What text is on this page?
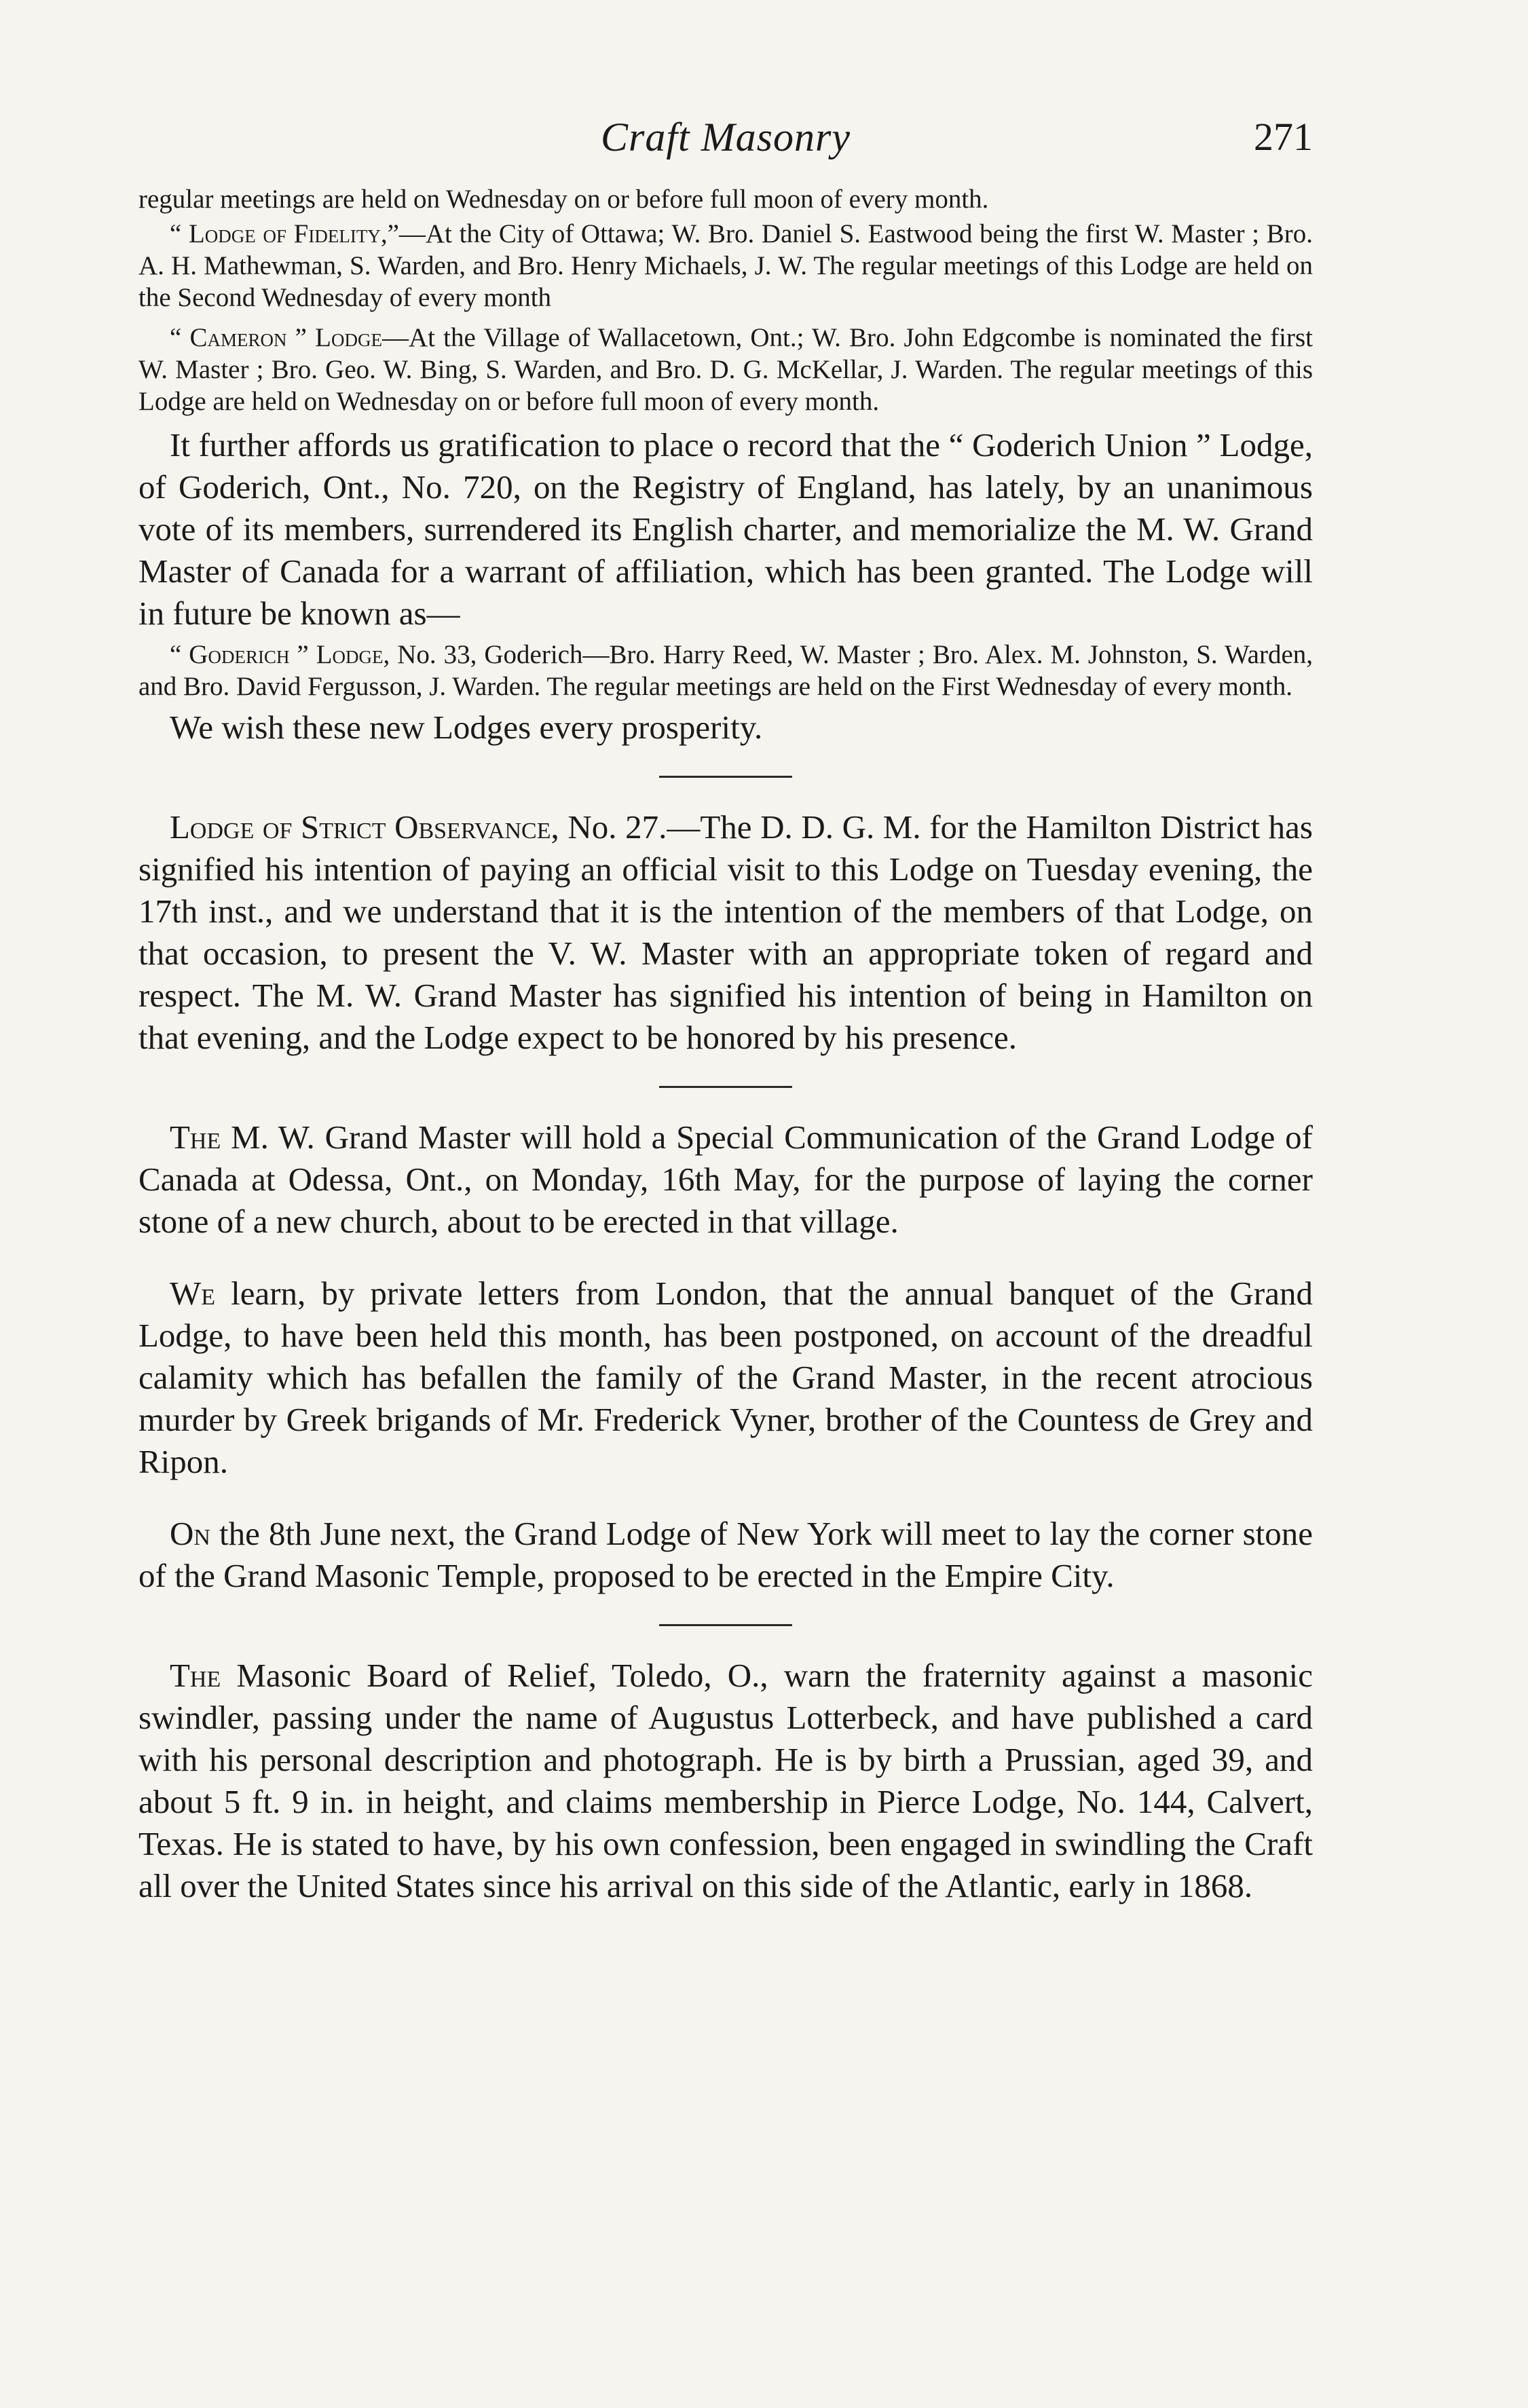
Craft Masonry	271

regular meetings are held on Wednesday on or before full moon of every month.

“ Lodge of Fidelity,”—At the City of Ottawa; W. Bro. Daniel S. Eastwood being the first W. Master ; Bro. A. H. Mathewman, S. Warden, and Bro. Henry Michaels, J. W. The regular meetings of this Lodge are held on the Second Wednesday of every month

“ Cameron ” Lodge—At the Village of Wallacetown, Ont.; W. Bro. John Edgcombe is nominated the first W. Master ; Bro. Geo. W. Bing, S. Warden, and Bro. D. G. McKellar, J. Warden. The regular meetings of this Lodge are held on Wednesday on or before full moon of every month.

It further affords us gratification to place o record that the “ Goderich Union ” Lodge, of Goderich, Ont., No. 720, on the Registry of England, has lately, by an unanimous vote of its members, surrendered its English charter, and memorialize the M. W. Grand Master of Canada for a warrant of affiliation, which has been granted. The Lodge will in future be known as—

“ Goderich ” Lodge, No. 33, Goderich—Bro. Harry Reed, W. Master ; Bro. Alex. M. Johnston, S. Warden, and Bro. David Fergusson, J. Warden. The regular meetings are held on the First Wednesday of every month.

We wish these new Lodges every prosperity.

Lodge of Strict Observance, No. 27.—The D. D. G. M. for the Hamilton District has signified his intention of paying an official visit to this Lodge on Tuesday evening, the 17th inst., and we understand that it is the intention of the members of that Lodge, on that occasion, to present the V. W. Master with an appropriate token of regard and respect. The M. W. Grand Master has signified his intention of being in Hamilton on that evening, and the Lodge expect to be honored by his presence.

The M. W. Grand Master will hold a Special Communication of the Grand Lodge of Canada at Odessa, Ont., on Monday, 16th May, for the purpose of laying the corner stone of a new church, about to be erected in that village.

We learn, by private letters from London, that the annual banquet of the Grand Lodge, to have been held this month, has been postponed, on account of the dreadful calamity which has befallen the family of the Grand Master, in the recent atrocious murder by Greek brigands of Mr. Frederick Vyner, brother of the Countess de Grey and Ripon.

On the 8th June next, the Grand Lodge of New York will meet to lay the corner stone of the Grand Masonic Temple, proposed to be erected in the Empire City.

The Masonic Board of Relief, Toledo, O., warn the fraternity against a masonic swindler, passing under the name of Augustus Lotterbeck, and have published a card with his personal description and photograph. He is by birth a Prussian, aged 39, and about 5 ft. 9 in. in height, and claims membership in Pierce Lodge, No. 144, Calvert, Texas. He is stated to have, by his own confession, been engaged in swindling the Craft all over the United States since his arrival on this side of the Atlantic, early in 1868.
